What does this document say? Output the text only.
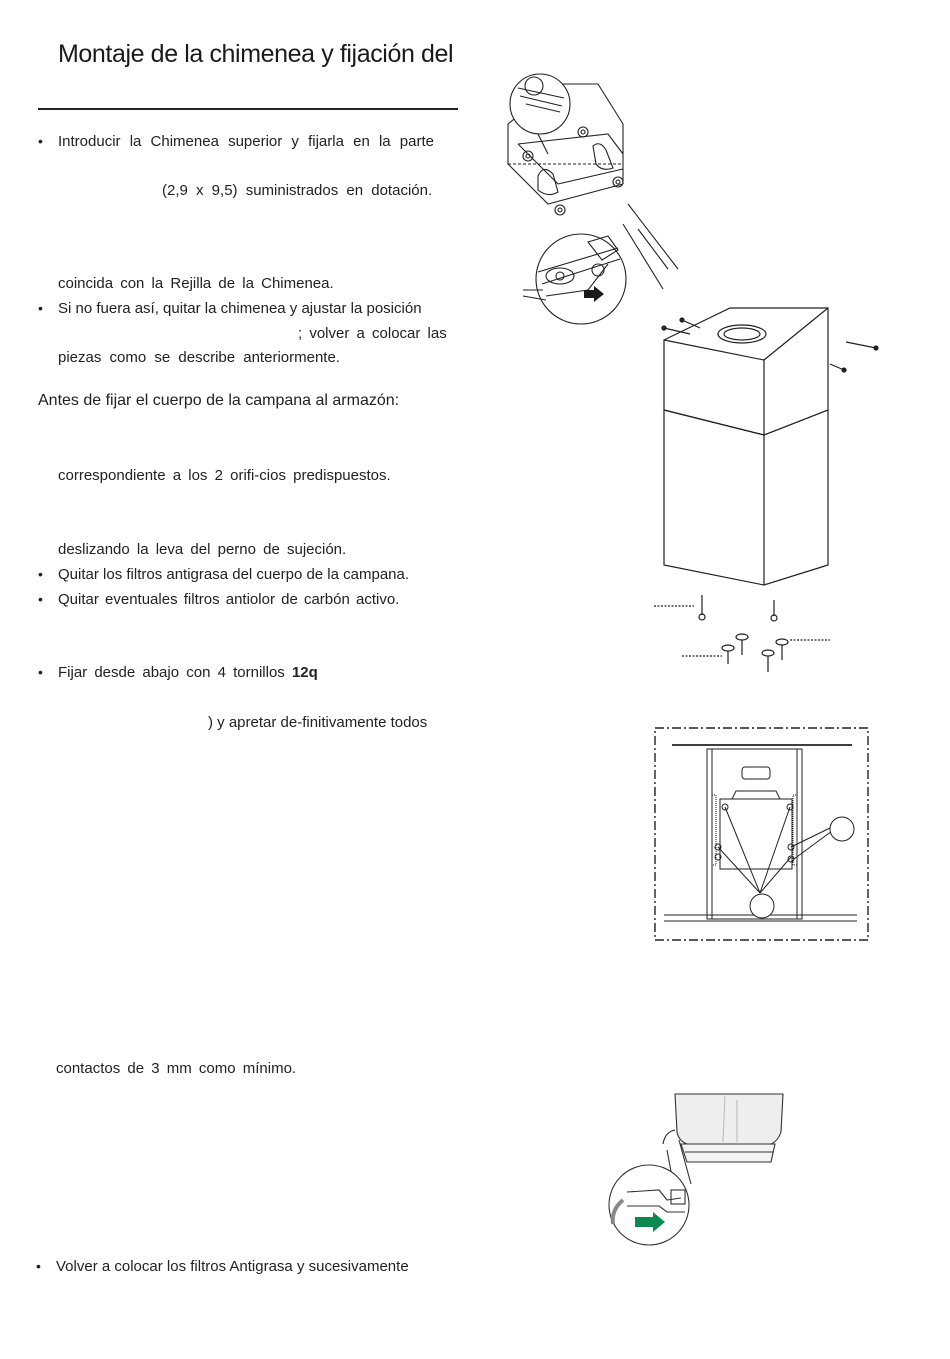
Montaje de la chimenea y fijación del
• Introducir la Chimenea superior y fijarla en la parte
(2,9 x 9,5) suministrados en dotación.
coincida con la Rejilla de la Chimenea.
• Si no fuera así, quitar la chimenea y ajustar la posición
; volver a colocar las
piezas como se describe anteriormente.
Antes de fijar el cuerpo de la campana al armazón:
correspondiente a los 2 orifi-cios predispuestos.
deslizando la leva del perno de sujeción.
• Quitar los filtros antigrasa del cuerpo de la campana.
• Quitar eventuales filtros antiolor de carbón activo.
• Fijar desde abajo con 4 tornillos 12q
) y apretar de-finitivamente todos
contactos de 3 mm como mínimo.
• Volver a colocar los filtros Antigrasa y sucesivamente
